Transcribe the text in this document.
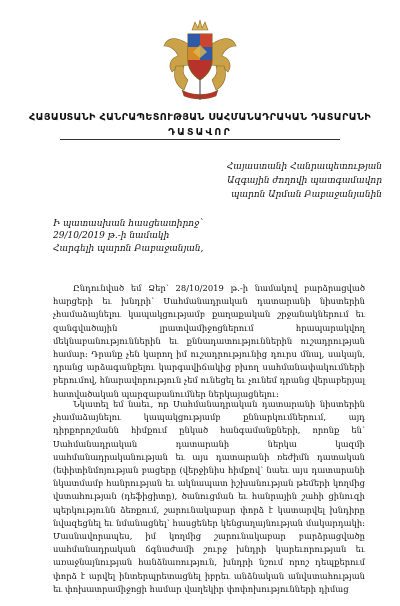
ՀԱՅԱՍՏԱՆԻ ՀԱՆՐԱՊԵՏՈՒԹՅԱՆ ՍԱՀՄԱՆԱԴՐԱԿԱՆ ԴԱՏԱՐԱՆԻ
ԴԱՏԱՎՈՐ
Հայաստանի Հանրապետության
Ազգային ժողովի պատգամավոր
պարոն Արման Բաբաջանյանին
Ի պատասխան հասցեատիրոջ`
29/10/2019 թ.-ի նամակի
Հարգելի պարոն Բաբաջանյան,
Ընդունված եմ Ձեր՝ 28/10/2019 թ.-ի նամակով բարձրացված հարցերի եւ խնդրի՝ Սահմանադրական դատարանի նիստերին չհամաձայնելու կապակցությամբ քաղաքական շրջանակներում եւ զանգվածային լրատվամիջոցներում հրապարակվող մեկնաբանություններին եւ քննադատություններին ուշադրության համար: Դրանք չեն կարող իմ ուշադրությունից դուրս մնալ, սակայն, դրանց արձագանքելու կարգավիճակից բխող սահմանափակումների բերումով, հնարավորություն չեմ ունեցել եւ չունեմ դրանց վերաբերյալ հատվածական պարզաբանումներ ներկայացնելու:
Նկատել եմ նաեւ, որ Սահմանադրական դատարանի նիստերին չհամաձայնելու կապակցությամբ քննարկումներում, այդ դիրքորոշմանն հիմքում ընկած հանգամանքների, որոնք են՝ Սահմանադրական դատարանի ներկա կազմի սահմանադրականության եւ այս դատարանի ռեժիմն դատական (եփիտինմոյության բացերը (վերջինիս հիմքով՝ նաեւ այս դատարանի նկատմամբ հանրության եւ ակնապատ իշխանության թեմերի կողմից վստահության (դեֆիցիտը), ծանուցման եւ հանրային շահի ցինուզի պերկությունն ձեռքում, շարունակաբար փորձ է կատարվել խնդիրը նվազեցնել եւ նմանացնել՝ հասցեներ կենցաղայնության մակարդակի: Մասնավորապես, իմ կողմից շարունակաբար բարձրացվածը սահմանադրական ճգնաժամի շուրջ խնդրի կարեւորության եւ առաջնայնության հանձնառություն, խնդրի նշում որոշ դեպքերում փորձ է արվել ինտերպրետացնել իբրեւ անձնական անվստահության եւ փոխատրամիջոցի համար վաղեկիր փոփոխությունների դիմաց
